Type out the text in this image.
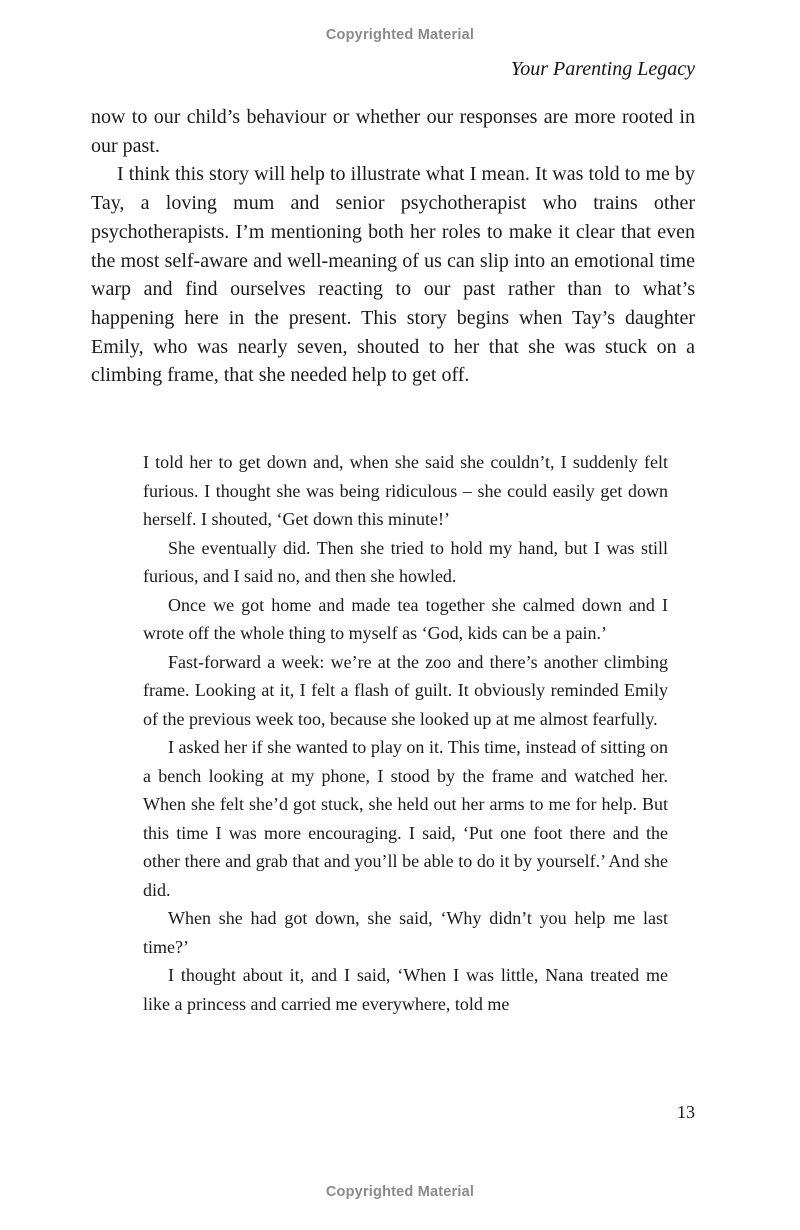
Copyrighted Material
Your Parenting Legacy

now to our child’s behaviour or whether our responses are more rooted in our past.

I think this story will help to illustrate what I mean. It was told to me by Tay, a loving mum and senior psychotherapist who trains other psychotherapists. I’m mentioning both her roles to make it clear that even the most self-aware and well-meaning of us can slip into an emotional time warp and find ourselves reacting to our past rather than to what’s happening here in the present. This story begins when Tay’s daughter Emily, who was nearly seven, shouted to her that she was stuck on a climbing frame, that she needed help to get off.

I told her to get down and, when she said she couldn’t, I suddenly felt furious. I thought she was being ridiculous – she could easily get down herself. I shouted, ‘Get down this minute!’

She eventually did. Then she tried to hold my hand, but I was still furious, and I said no, and then she howled.

Once we got home and made tea together she calmed down and I wrote off the whole thing to myself as ‘God, kids can be a pain.’

Fast-forward a week: we’re at the zoo and there’s another climbing frame. Looking at it, I felt a flash of guilt. It obviously reminded Emily of the previous week too, because she looked up at me almost fearfully.

I asked her if she wanted to play on it. This time, instead of sitting on a bench looking at my phone, I stood by the frame and watched her. When she felt she’d got stuck, she held out her arms to me for help. But this time I was more encouraging. I said, ‘Put one foot there and the other there and grab that and you’ll be able to do it by yourself.’ And she did.

When she had got down, she said, ‘Why didn’t you help me last time?’

I thought about it, and I said, ‘When I was little, Nana treated me like a princess and carried me everywhere, told me

13
Copyrighted Material
